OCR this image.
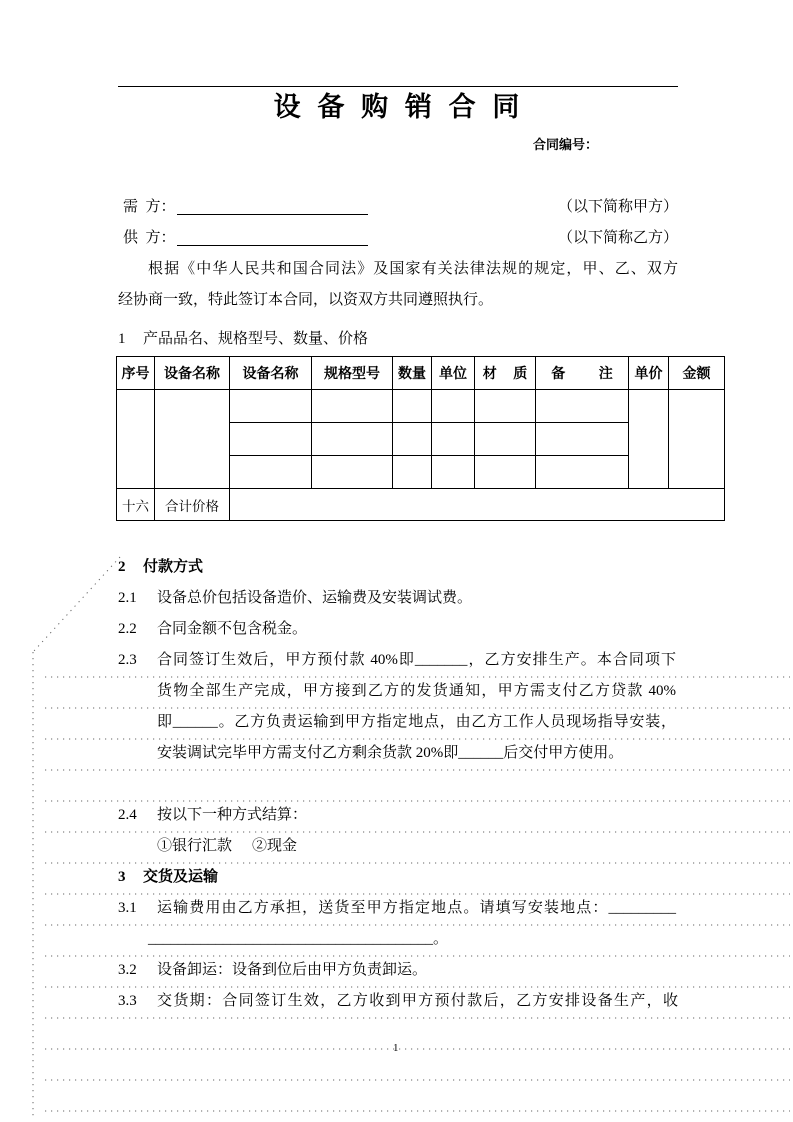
设 备 购 销 合 同
合同编号：
需  方：	（以下简称甲方）
供  方：	（以下简称乙方）
根据《中华人民共和国合同法》及国家有关法律法规的规定，甲、乙、双方
经协商一致，特此签订本合同，以资双方共同遵照执行。
1 产品品名、规格型号、数量、价格
序号	设备名称	设备名称	规格型号	数量	单位	材 质	备 注	单价	金额

十六	合计价格								
2 付款方式
2.1 设备总价包括设备造价、运输费及安装调试费。
2.2 合同金额不包含税金。
2.3 合同签订生效后，甲方预付款 40%即_______，乙方安排生产。本合同项下
货物全部生产完成，甲方接到乙方的发货通知，甲方需支付乙方贷款 40%
即______。乙方负责运输到甲方指定地点，由乙方工作人员现场指导安装，
安装调试完毕甲方需支付乙方剩余货款 20%即______后交付甲方使用。
2.4 按以下一种方式结算：
①银行汇款 ②现金
3 交货及运输
3.1 运输费用由乙方承担，送货至甲方指定地点。请填写安装地点：_________
______________________________________。
3.2 设备卸运：设备到位后由甲方负责卸运。
3.3 交货期：合同签订生效，乙方收到甲方预付款后，乙方安排设备生产，收
1
